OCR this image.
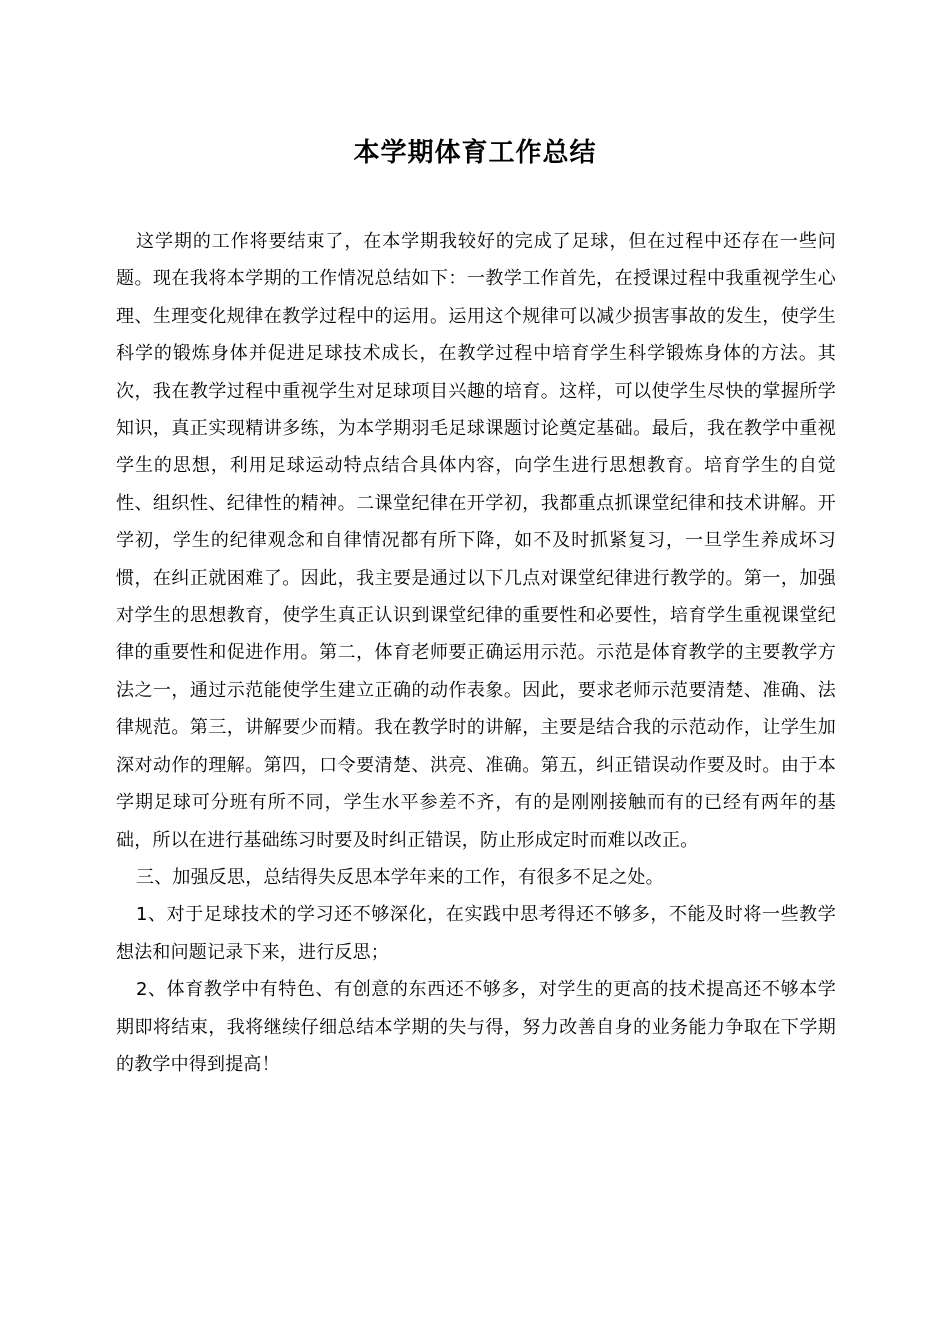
本学期体育工作总结

这学期的工作将要结束了，在本学期我较好的完成了足球，但在过程中还存在一些问题。现在我将本学期的工作情况总结如下：一教学工作首先，在授课过程中我重视学生心理、生理变化规律在教学过程中的运用。运用这个规律可以减少损害事故的发生，使学生科学的锻炼身体并促进足球技术成长，在教学过程中培育学生科学锻炼身体的方法。其次，我在教学过程中重视学生对足球项目兴趣的培育。这样，可以使学生尽快的掌握所学知识，真正实现精讲多练，为本学期羽毛足球课题讨论奠定基础。最后，我在教学中重视学生的思想，利用足球运动特点结合具体内容，向学生进行思想教育。培育学生的自觉性、组织性、纪律性的精神。二课堂纪律在开学初，我都重点抓课堂纪律和技术讲解。开学初，学生的纪律观念和自律情况都有所下降，如不及时抓紧复习，一旦学生养成坏习惯，在纠正就困难了。因此，我主要是通过以下几点对课堂纪律进行教学的。第一，加强对学生的思想教育，使学生真正认识到课堂纪律的重要性和必要性，培育学生重视课堂纪律的重要性和促进作用。第二，体育老师要正确运用示范。示范是体育教学的主要教学方法之一，通过示范能使学生建立正确的动作表象。因此，要求老师示范要清楚、准确、法律规范。第三，讲解要少而精。我在教学时的讲解，主要是结合我的示范动作，让学生加深对动作的理解。第四，口令要清楚、洪亮、准确。第五，纠正错误动作要及时。由于本学期足球可分班有所不同，学生水平参差不齐，有的是刚刚接触而有的已经有两年的基础，所以在进行基础练习时要及时纠正错误，防止形成定时而难以改正。

三、加强反思，总结得失反思本学年来的工作，有很多不足之处。

1、对于足球技术的学习还不够深化，在实践中思考得还不够多，不能及时将一些教学想法和问题记录下来，进行反思；

2、体育教学中有特色、有创意的东西还不够多，对学生的更高的技术提高还不够本学期即将结束，我将继续仔细总结本学期的失与得，努力改善自身的业务能力争取在下学期的教学中得到提高！
